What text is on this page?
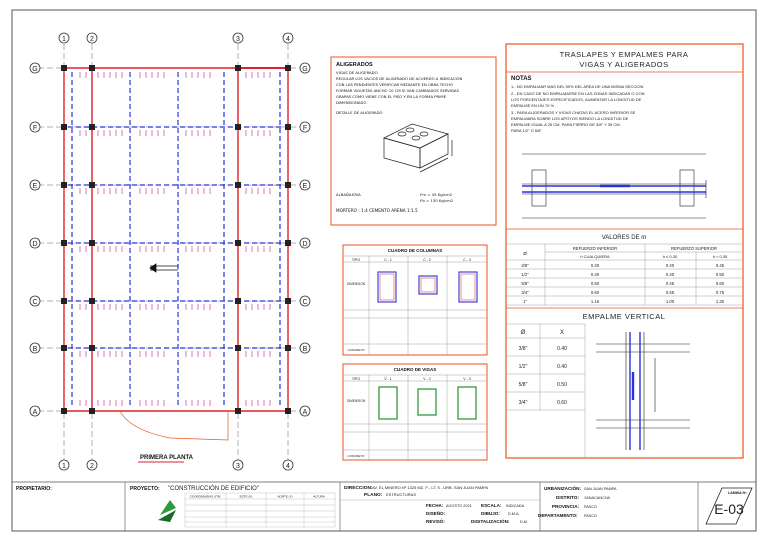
1	2	3	4
1	2	3	4
G
F
E
D
C
B
A
G
F
E
D
C
B
A
PRIMERA PLANTA
ALIGERADOS
VIGAS DE ALIGERADO
REGULAR LOS VACIOS DE ALIGERADO DE ACUERDO A INDICACION
CON LAS PENDIENTES VERIFICAR MEDIANTE EN OBRA TECHO
FORMAR VIGUETAS ANCHO 10 CM SI VAN CAMBIADOS SERVIDAS
GRAPAS COMO VIENE CON EL PISO Y EN LA FORMA PRIME
DIMENSIONADO
DETALLE DE ALIGERADO
ALBAÑILERIA	f'm = 45 Kg/cm2
f'b = 130 Kg/cm2
MORTERO : 1:4 CEMENTO ARENA 1:1.5
CUADRO DE COLUMNAS
TIPO	C - 1	C - 2	C - 3
DIMENSION
CONCRETO
CUADRO DE VIGAS
TIPO	V - 1	V - 2	V - 3
DIMENSION
CONCRETO
TRASLAPES Y EMPALMES PARA
VIGAS Y ALIGERADOS
NOTAS
1.- NO EMPALMAR MAS DEL 50% DEL AREA DE UNA MISMA SECCION
2.- EN CASO DE NO EMPALMARSE EN LAS ZONAS INDICADAS O CON
LOS PORCENTAJES ESPECIFICADOS, AUMENTAR LA LONGITUD DE
EMPALME EN UN 70 %
3.- PARA ALIGERADOS Y VIGAS CHATAS EL ACERO INFERIOR SE
EMPALMARA SOBRE LOS APOYOS SIENDO LA LONGITUD DE
EMPALME IGUAL A 25 CM. PARA FIERRO DE 3/8" Y 35 CM.
PARA 1/2" O 5/8"
VALORES DE m
Ø
REFUERZO INFERIOR	REFUERZO SUPERIOR
h CUALQUIERA	h ≤ 0.30	h > 0.30
3/8"	0.40	0.40	0.45
1/2"	0.40	0.40	0.50
5/8"	0.50	0.45	0.60
3/4"	0.60	0.55	0.75
1"	1.15	1.00	1.30
EMPALME VERTICAL
Ø	X
3/8"	0.40
1/2"	0.40
5/8"	0.50
3/4"	0.60
PROPIETARIO:	PROYECTO: "CONSTRUCCIÓN DE EDIFICIO"
COORDENADAS UTM	ESTE (X)	NORTE (Y)	ALTURA
DIRECCION: AV. EL MINERO Nº 1325 MZ. F - LT. 5 - URB. SAN JUAN PAMPA
PLANO: ESTRUCTURAS
FECHA: AGOSTO 2021 ESCALA: INDICADA
DISEÑO:	DIBUJO: D.M.A.
REVISÓ:	DIGITALIZACIÓN:	D.M.
URBANIZACIÓN: SAN JUAN PAMPA
DISTRITO: YANACANCHA
PROVINCIA: PASCO
DEPARTAMENTO: PASCO
LAMINA Nº:
E-03
